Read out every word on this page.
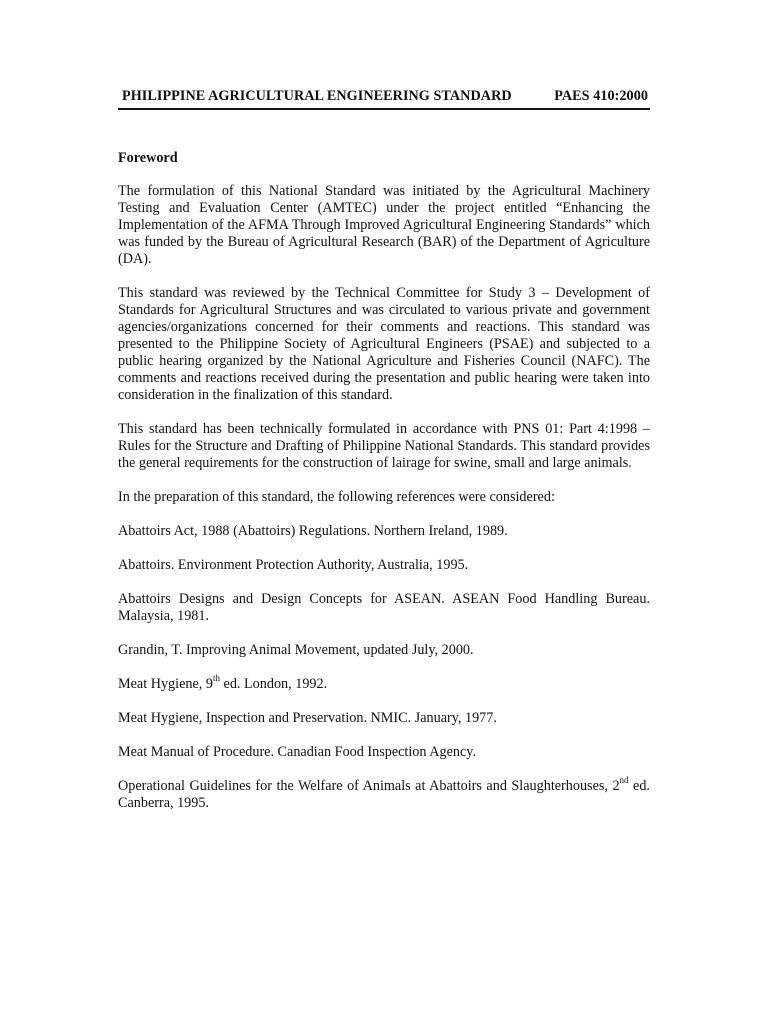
PHILIPPINE AGRICULTURAL ENGINEERING STANDARD	PAES 410:2000
Foreword

The formulation of this National Standard was initiated by the Agricultural Machinery Testing and Evaluation Center (AMTEC) under the project entitled “Enhancing the Implementation of the AFMA Through Improved Agricultural Engineering Standards” which was funded by the Bureau of Agricultural Research (BAR) of the Department of Agriculture (DA).

This standard was reviewed by the Technical Committee for Study 3 – Development of Standards for Agricultural Structures and was circulated to various private and government agencies/organizations concerned for their comments and reactions. This standard was presented to the Philippine Society of Agricultural Engineers (PSAE) and subjected to a public hearing organized by the National Agriculture and Fisheries Council (NAFC). The comments and reactions received during the presentation and public hearing were taken into consideration in the finalization of this standard.

This standard has been technically formulated in accordance with PNS 01: Part 4:1998 – Rules for the Structure and Drafting of Philippine National Standards. This standard provides the general requirements for the construction of lairage for swine, small and large animals.

In the preparation of this standard, the following references were considered:

Abattoirs Act, 1988 (Abattoirs) Regulations. Northern Ireland, 1989.

Abattoirs. Environment Protection Authority, Australia, 1995.

Abattoirs Designs and Design Concepts for ASEAN. ASEAN Food Handling Bureau. Malaysia, 1981.

Grandin, T. Improving Animal Movement, updated July, 2000.

Meat Hygiene, 9th ed. London, 1992.

Meat Hygiene, Inspection and Preservation. NMIC. January, 1977.

Meat Manual of Procedure. Canadian Food Inspection Agency.

Operational Guidelines for the Welfare of Animals at Abattoirs and Slaughterhouses, 2nd ed. Canberra, 1995.
